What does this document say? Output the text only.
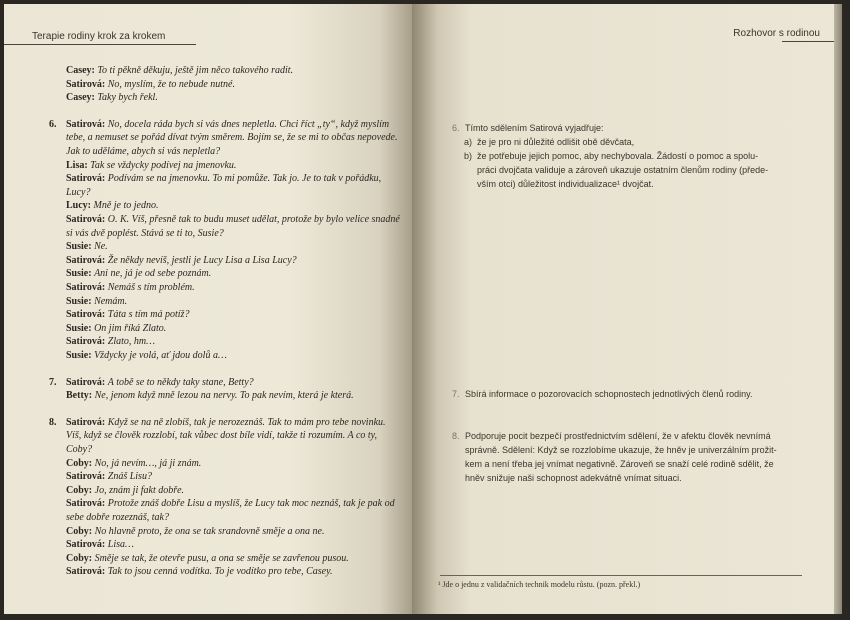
Terapie rodiny krok za krokem
Casey: To ti pěkně děkuju, ještě jim něco takového radit.
Satirová: No, myslím, že to nebude nutné.
Casey: Taky bych řekl.
6. Satirová: No, docela ráda bych si vás dnes nepletla. Chci říct „ty“, když myslím
tebe, a nemuset se pořád dívat tvým směrem. Bojím se, že se mi to občas nepovede.
Jak to uděláme, abych si vás nepletla?
Lisa: Tak se vždycky podívej na jmenovku.
Satirová: Podívám se na jmenovku. To mi pomůže. Tak jo. Je to tak v pořádku,
Lucy?
Lucy: Mně je to jedno.
Satirová: O. K. Víš, přesně tak to budu muset udělat, protože by bylo velice snadné
si vás dvě poplést. Stává se ti to, Susie?
Susie: Ne.
Satirová: Že někdy nevíš, jestli je Lucy Lisa a Lisa Lucy?
Susie: Ani ne, já je od sebe poznám.
Satirová: Nemáš s tím problém.
Susie: Nemám.
Satirová: Táta s tím má potíž?
Susie: On jim říká Zlato.
Satirová: Zlato, hm…
Susie: Vždycky je volá, ať jdou dolů a…
7. Satirová: A tobě se to někdy taky stane, Betty?
Betty: Ne, jenom když mně lezou na nervy. To pak nevím, která je která.
8. Satirová: Když se na ně zlobíš, tak je nerozeznáš. Tak to mám pro tebe novinku.
Víš, když se člověk rozzlobí, tak vůbec dost bíle vidí, takže ti rozumím. A co ty,
Coby?
Coby: No, já nevím…, já ji znám.
Satirová: Znáš Lisu?
Coby: Jo, znám ji fakt dobře.
Satirová: Protože znáš dobře Lisu a myslíš, že Lucy tak moc neznáš, tak je pak od
sebe dobře rozeznáš, tak?
Coby: No hlavně proto, že ona se tak srandovně směje a ona ne.
Satirová: Lisa…
Coby: Směje se tak, že otevře pusu, a ona se směje se zavřenou pusou.
Satirová: Tak to jsou cenná vodítka. To je vodítko pro tebe, Casey.
Rozhovor s rodinou
6. Tímto sdělením Satirová vyjadřuje:
a) že je pro ni důležité odlišit obě děvčata,
b) že potřebuje jejich pomoc, aby nechybovala. Žádostí o pomoc a spolu-
práci dvojčata validuje a zároveň ukazuje ostatním členům rodiny (přede-
vším otci) důležitost individualizace¹ dvojčat.
7. Sbírá informace o pozorovacích schopnostech jednotlivých členů rodiny.
8. Podporuje pocit bezpečí prostřednictvím sdělení, že v afektu člověk nevnímá
správně. Sdělení: Když se rozzlobíme ukazuje, že hněv je univerzálním prožit-
kem a není třeba jej vnímat negativně. Zároveň se snaží celé rodině sdělit, že
hněv snižuje naši schopnost adekvátně vnímat situaci.
¹ Jde o jednu z validačních technik modelu růstu. (pozn. překl.)
